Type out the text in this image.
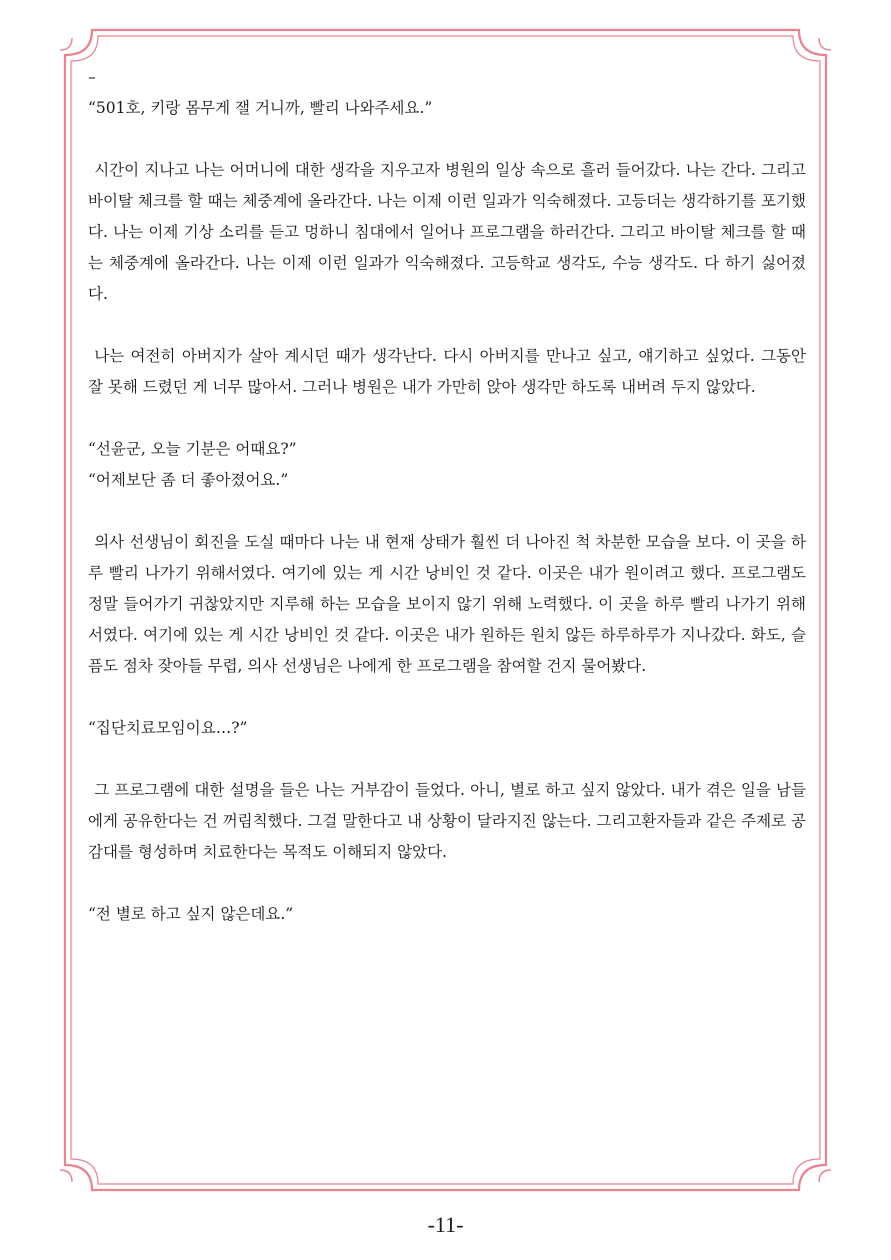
–

“501호, 키랑 몸무게 잴 거니까, 빨리 나와주세요.”

시간이 지나고 나는 어머니에 대한 생각을 지우고자 병원의 일상 속으로 흘러 들어갔다. 나는 간다. 그리고 바이탈 체크를 할 때는 체중계에 올라간다. 나는 이제 이런 일과가 익숙해졌다. 고등더는 생각하기를 포기했다. 나는 이제 기상 소리를 듣고 멍하니 침대에서 일어나 프로그램을 하러간다. 그리고 바이탈 체크를 할 때는 체중계에 올라간다. 나는 이제 이런 일과가 익숙해졌다. 고등학교 생각도, 수능 생각도. 다 하기 싫어졌다.

나는 여전히 아버지가 살아 계시던 때가 생각난다. 다시 아버지를 만나고 싶고, 얘기하고 싶었다. 그동안 잘 못해 드렸던 게 너무 많아서. 그러나 병원은 내가 가만히 앉아 생각만 하도록 내버려 두지 않았다.

“선윤군, 오늘 기분은 어때요?”

“어제보단 좀 더 좋아졌어요.”

의사 선생님이 회진을 도실 때마다 나는 내 현재 상태가 훨씬 더 나아진 척 차분한 모습을 보다. 이 곳을 하루 빨리 나가기 위해서였다. 여기에 있는 게 시간 낭비인 것 같다. 이곳은 내가 원이려고 했다. 프로그램도 정말 들어가기 귀찮았지만 지루해 하는 모습을 보이지 않기 위해 노력했다. 이 곳을 하루 빨리 나가기 위해서였다. 여기에 있는 게 시간 낭비인 것 같다. 이곳은 내가 원하든 원치 않든 하루하루가 지나갔다. 화도, 슬픔도 점차 잦아들 무렵, 의사 선생님은 나에게 한 프로그램을 참여할 건지 물어봤다.

“집단치료모임이요…?”

그 프로그램에 대한 설명을 들은 나는 거부감이 들었다. 아니, 별로 하고 싶지 않았다. 내가 겪은 일을 남들에게 공유한다는 건 꺼림칙했다. 그걸 말한다고 내 상황이 달라지진 않는다. 그리고환자들과 같은 주제로 공감대를 형성하며 치료한다는 목적도 이해되지 않았다.

“전 별로 하고 싶지 않은데요.”

-11-
